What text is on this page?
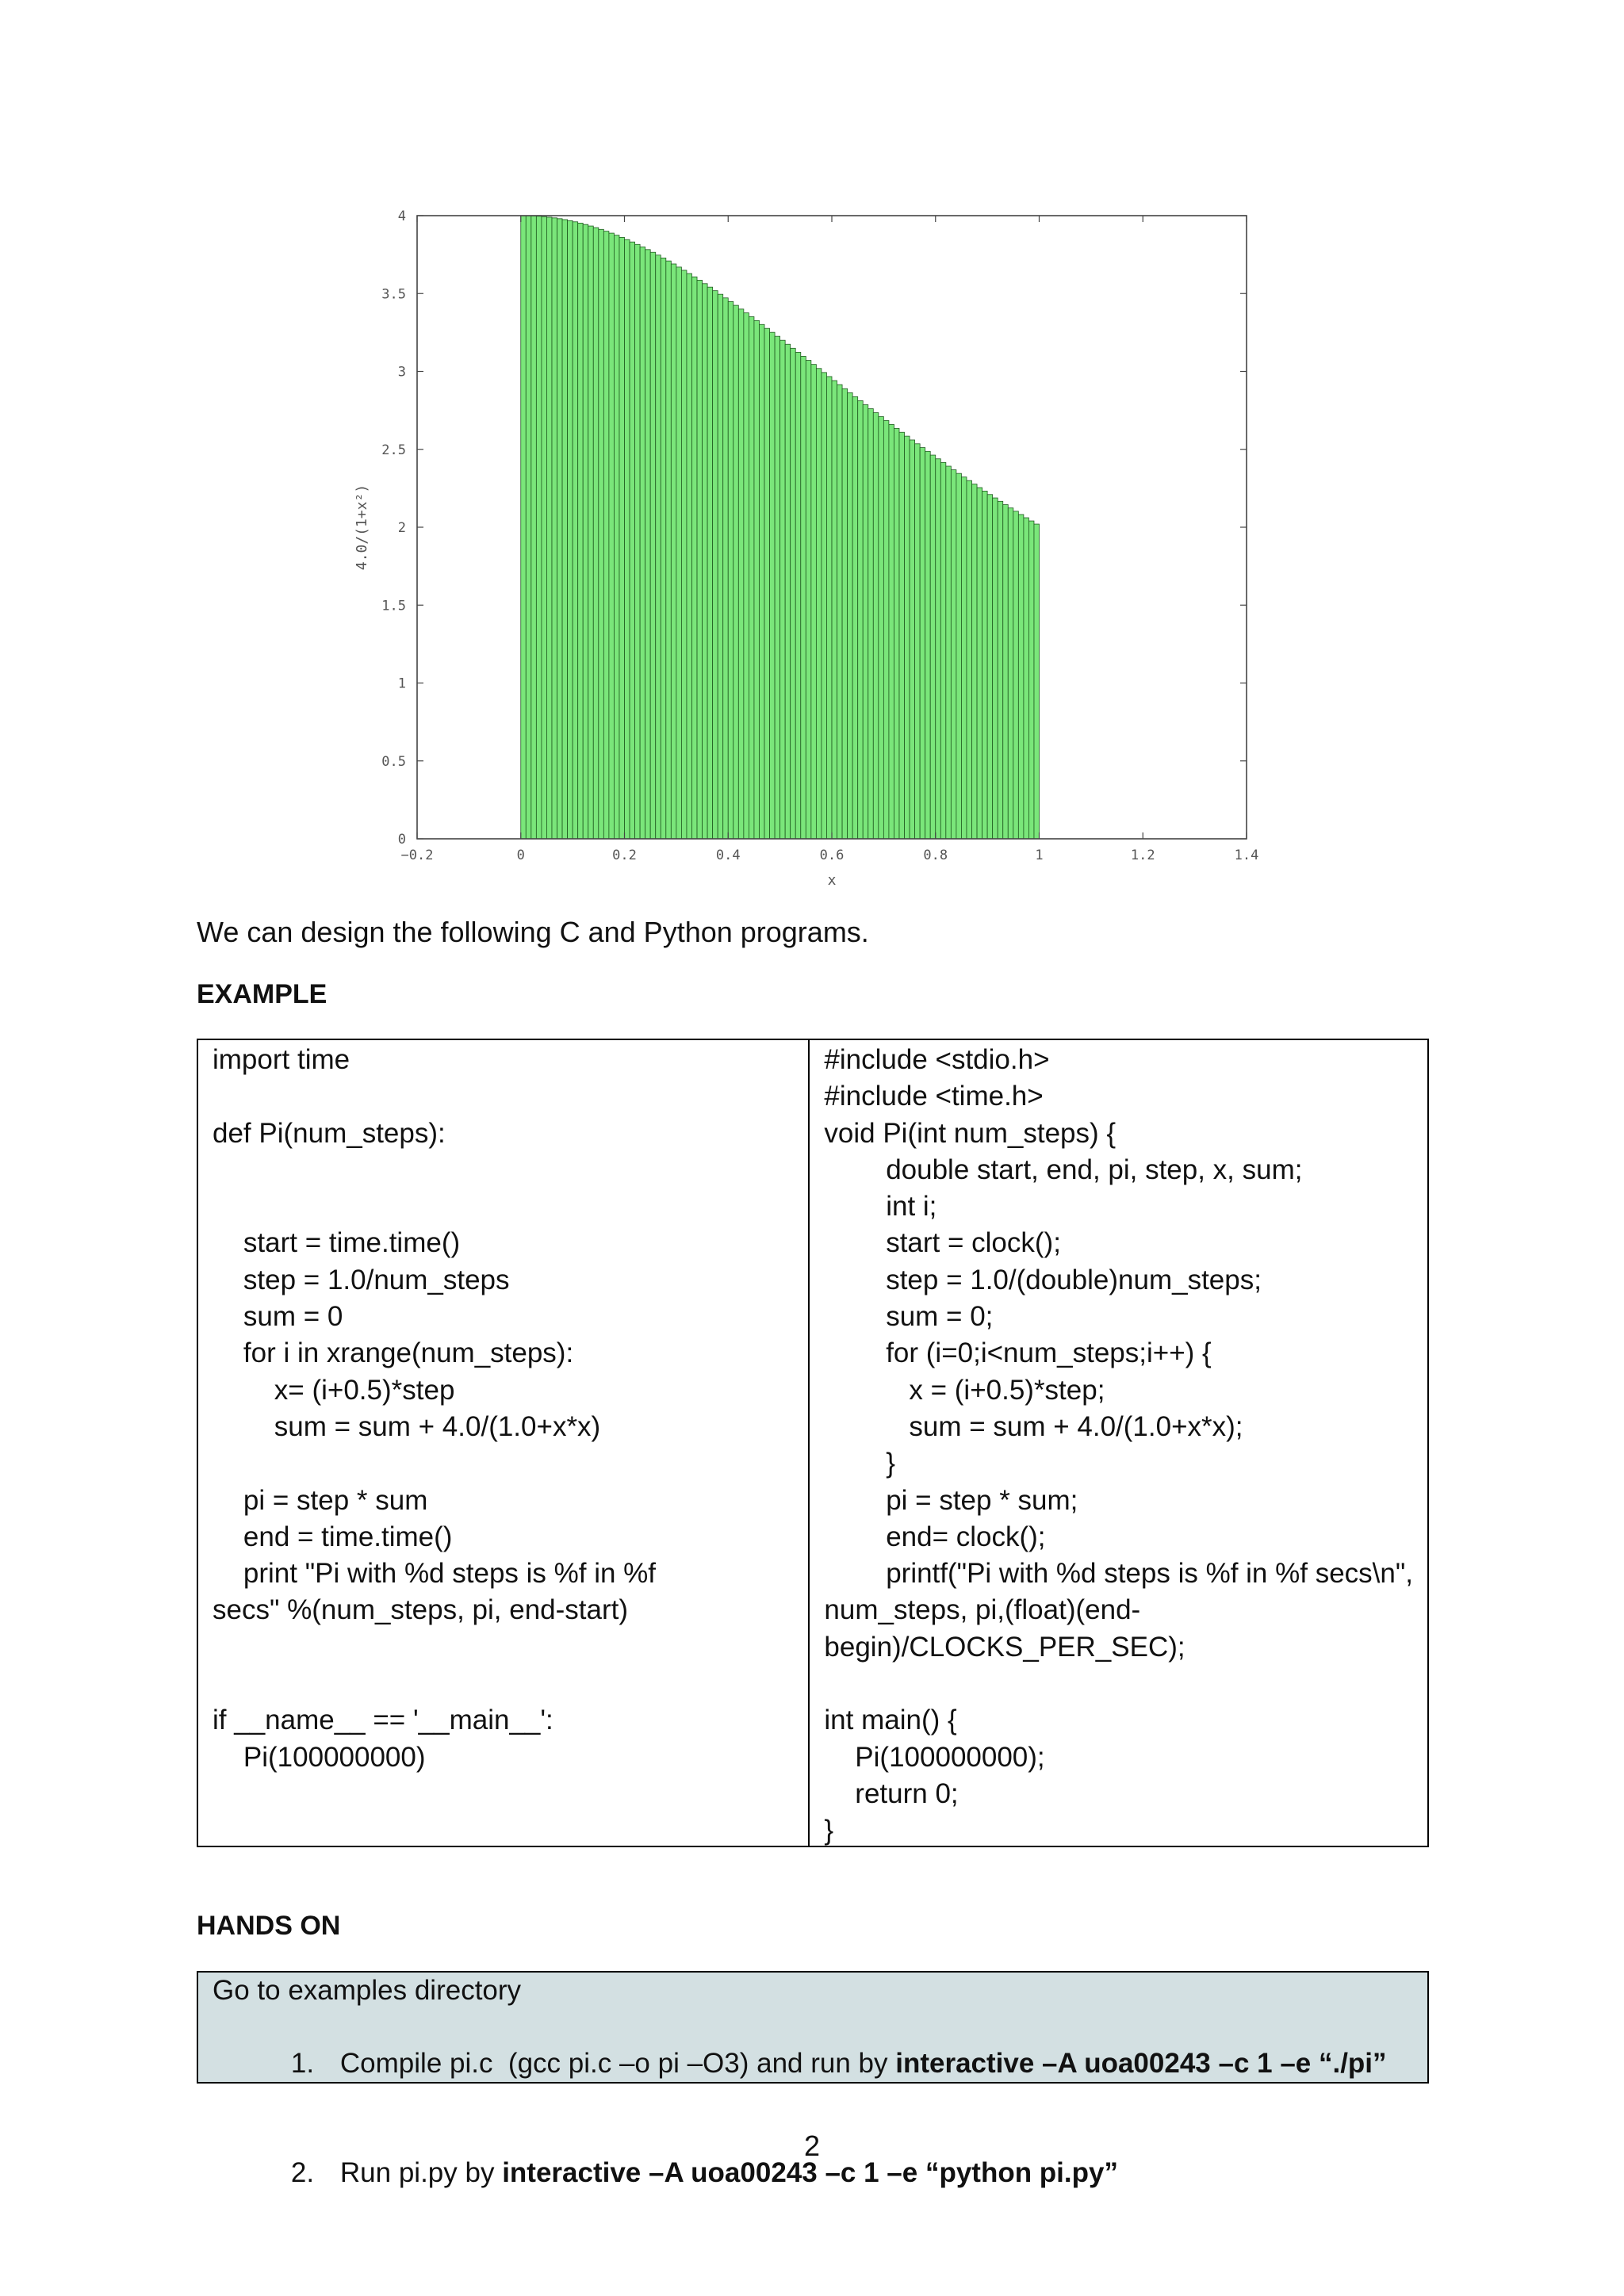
−0.2	0	0.2	0.4	0.6	0.8	1	1.2	1.4
0
0.5
1
1.5
2
2.5
3
3.5
4
x
4.0/(1+x²)
We can design the following C and Python programs.
EXAMPLE
import time
def Pi(num_steps):
start = time.time()
step = 1.0/num_steps
sum = 0
for i in xrange(num_steps):
x= (i+0.5)*step
sum = sum + 4.0/(1.0+x*x)
pi = step * sum
end = time.time()
print "Pi with %d steps is %f in %f
secs" %(num_steps, pi, end-start)
if __name__ == '__main__':
Pi(100000000)
#include <stdio.h>
#include <time.h>
void Pi(int num_steps) {
double start, end, pi, step, x, sum;
int i;
start = clock();
step = 1.0/(double)num_steps;
sum = 0;
for (i=0;i<num_steps;i++) {
x = (i+0.5)*step;
sum = sum + 4.0/(1.0+x*x);
}
pi = step * sum;
end= clock();
printf("Pi with %d steps is %f in %f secs\n",
num_steps, pi,(float)(end-
begin)/CLOCKS_PER_SEC);
int main() {
Pi(100000000);
return 0;
}
HANDS ON
Go to examples directory

1. Compile pi.c  (gcc pi.c –o pi –O3) and run by interactive –A uoa00243 –c 1 –e “./pi”

2. Run pi.py by interactive –A uoa00243 –c 1 –e “python pi.py”

2
